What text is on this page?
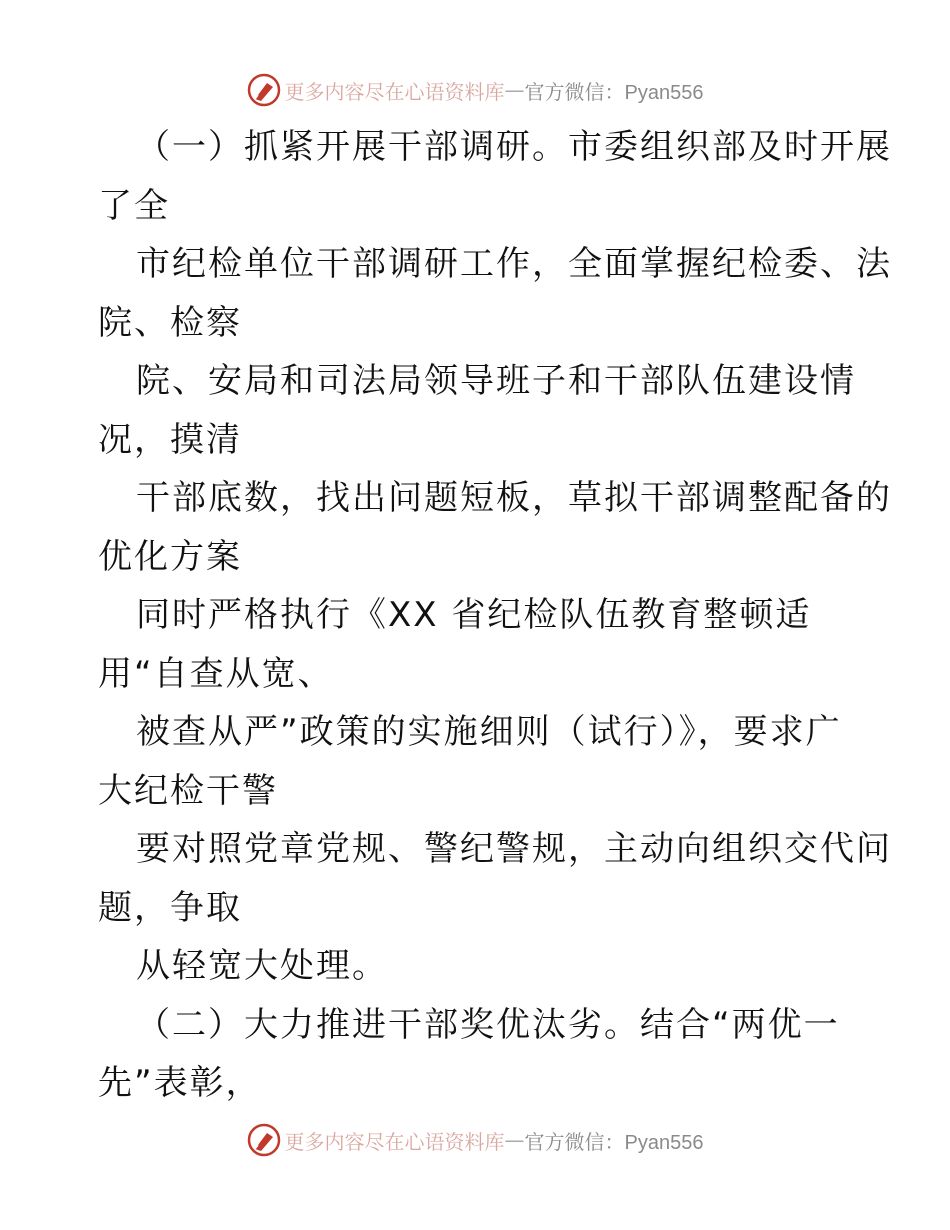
更多内容尽在心语资料库 — 官方微信：Pyan556
（一）抓紧开展干部调研。市委组织部及时开展
了全
市纪检单位干部调研工作，全面掌握纪检委、法
院、检察
院、安局和司法局领导班子和干部队伍建设情
况，摸清
干部底数，找出问题短板，草拟干部调整配备的
优化方案
同时严格执行《XX 省纪检队伍教育整顿适
用“自查从宽、
被查从严”政策的实施细则（试行）》，要求广
大纪检干警
要对照党章党规、警纪警规，主动向组织交代问
题，争取
从轻宽大处理。
（二）大力推进干部奖优汰劣。结合“两优一
先”表彰，
更多内容尽在心语资料库 — 官方微信：Pyan556
